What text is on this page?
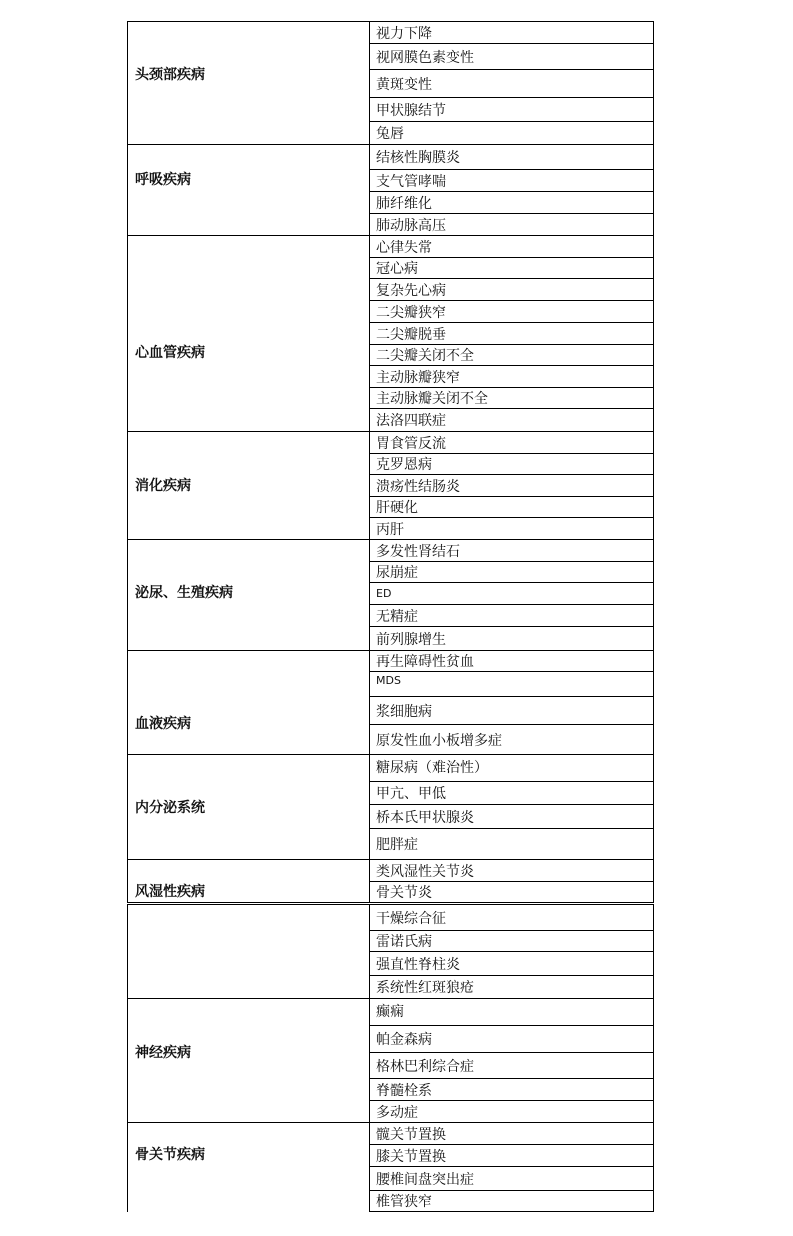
头颈部疾病
视力下降
视网膜色素变性
黄斑变性
甲状腺结节
兔唇
呼吸疾病
结核性胸膜炎
支气管哮喘
肺纤维化
肺动脉高压
心血管疾病
心律失常
冠心病
复杂先心病
二尖瓣狭窄
二尖瓣脱垂
二尖瓣关闭不全
主动脉瓣狭窄
主动脉瓣关闭不全
法洛四联症
消化疾病
胃食管反流
克罗恩病
溃疡性结肠炎
肝硬化
丙肝
泌尿、生殖疾病
多发性肾结石
尿崩症
ED
无精症
前列腺增生
血液疾病
再生障碍性贫血
MDS
浆细胞病
原发性血小板增多症
内分泌系统
糖尿病（难治性）
甲亢、甲低
桥本氏甲状腺炎
肥胖症
风湿性疾病
类风湿性关节炎
骨关节炎
干燥综合征
雷诺氏病
强直性脊柱炎
系统性红斑狼疮
神经疾病
癫痫
帕金森病
格林巴利综合症
脊髓栓系
多动症
骨关节疾病
髋关节置换
膝关节置换
腰椎间盘突出症
椎管狭窄
